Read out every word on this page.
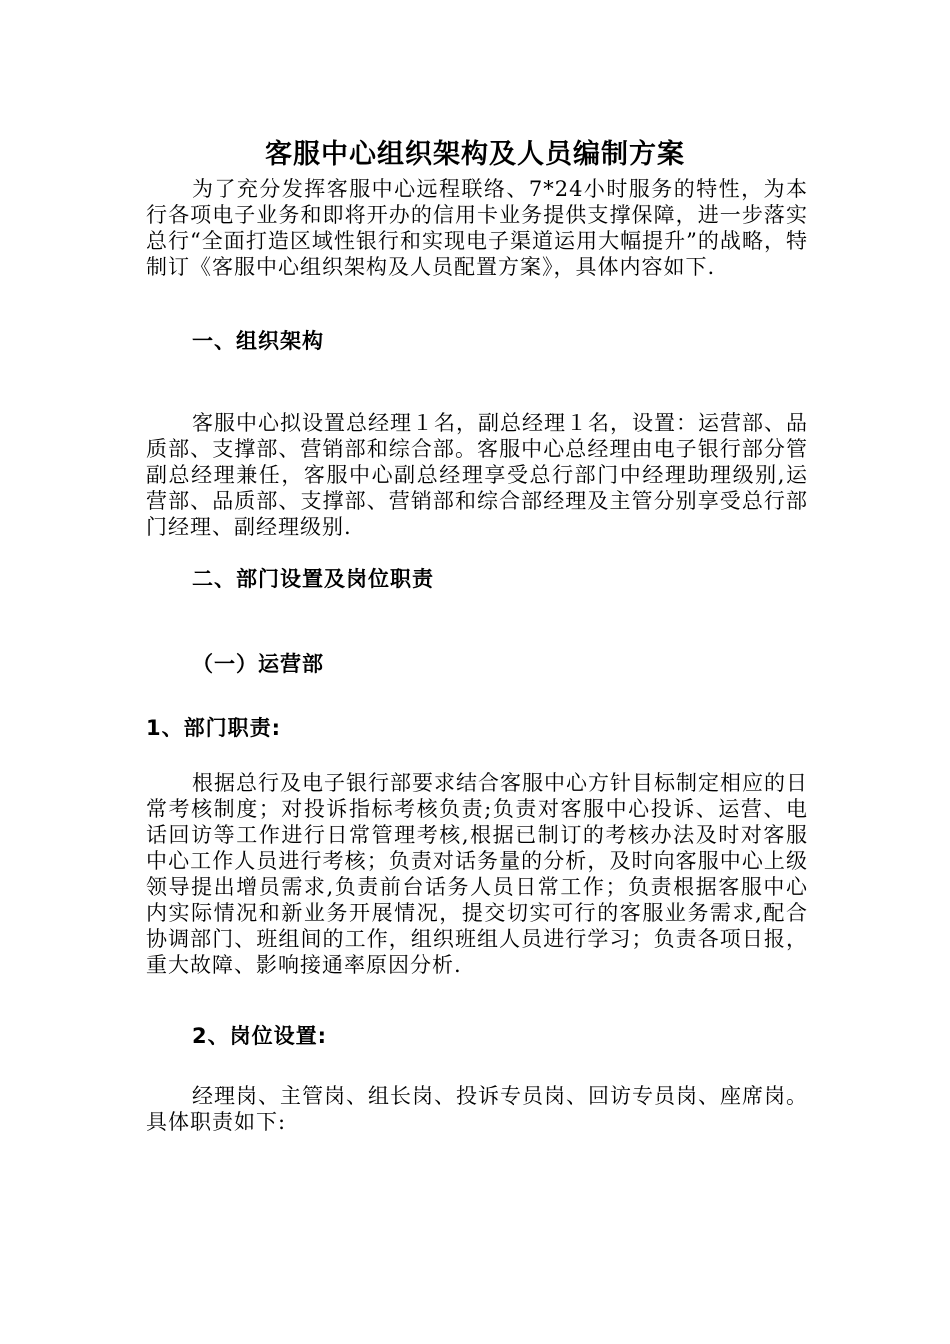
客服中心组织架构及人员编制方案
为了充分发挥客服中心远程联络、7*24小时服务的特性，为本行各项电子业务和即将开办的信用卡业务提供支撑保障，进一步落实总行“全面打造区域性银行和实现电子渠道运用大幅提升”的战略，特制订《客服中心组织架构及人员配置方案》，具体内容如下.
一、组织架构
客服中心拟设置总经理１名，副总经理１名，设置：运营部、品质部、支撑部、营销部和综合部。客服中心总经理由电子银行部分管副总经理兼任，客服中心副总经理享受总行部门中经理助理级别,运营部、品质部、支撑部、营销部和综合部经理及主管分别享受总行部门经理、副经理级别.
二、部门设置及岗位职责
（一）运营部
1、部门职责:
根据总行及电子银行部要求结合客服中心方针目标制定相应的日常考核制度；对投诉指标考核负责;负责对客服中心投诉、运营、电话回访等工作进行日常管理考核,根据已制订的考核办法及时对客服中心工作人员进行考核；负责对话务量的分析，及时向客服中心上级领导提出增员需求,负责前台话务人员日常工作；负责根据客服中心内实际情况和新业务开展情况，提交切实可行的客服业务需求,配合协调部门、班组间的工作，组织班组人员进行学习；负责各项日报，重大故障、影响接通率原因分析.
2、岗位设置:
经理岗、主管岗、组长岗、投诉专员岗、回访专员岗、座席岗。具体职责如下:
